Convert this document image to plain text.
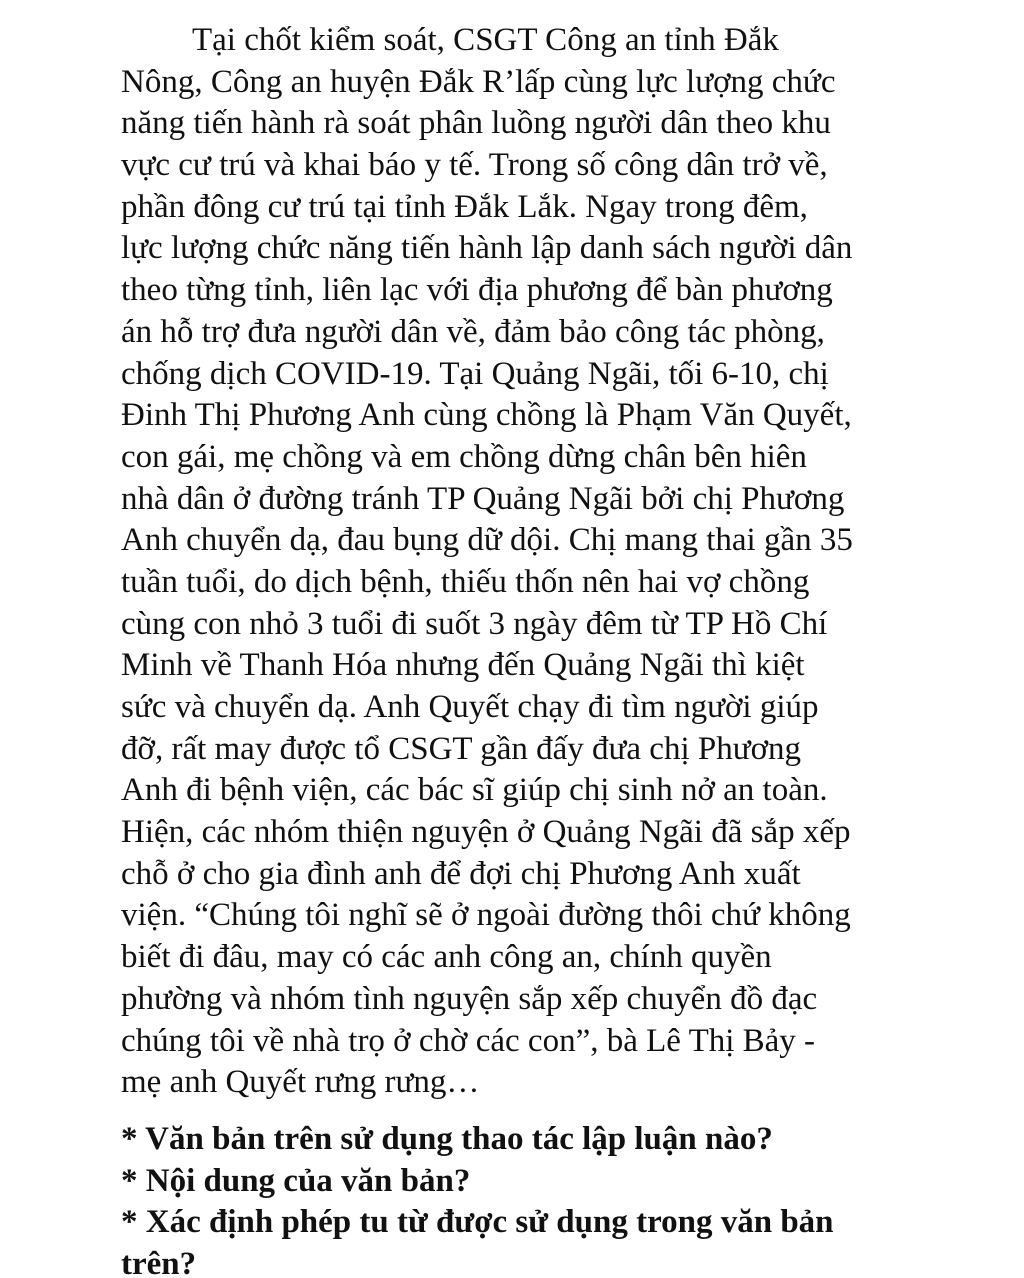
Tại chốt kiểm soát, CSGT Công an tỉnh Đắk
Nông, Công an huyện Đắk R’lấp cùng lực lượng chức
năng tiến hành rà soát phân luồng người dân theo khu
vực cư trú và khai báo y tế. Trong số công dân trở về,
phần đông cư trú tại tỉnh Đắk Lắk. Ngay trong đêm,
lực lượng chức năng tiến hành lập danh sách người dân
theo từng tỉnh, liên lạc với địa phương để bàn phương
án hỗ trợ đưa người dân về, đảm bảo công tác phòng,
chống dịch COVID-19. Tại Quảng Ngãi, tối 6-10, chị
Đinh Thị Phương Anh cùng chồng là Phạm Văn Quyết,
con gái, mẹ chồng và em chồng dừng chân bên hiên
nhà dân ở đường tránh TP Quảng Ngãi bởi chị Phương
Anh chuyển dạ, đau bụng dữ dội. Chị mang thai gần 35
tuần tuổi, do dịch bệnh, thiếu thốn nên hai vợ chồng
cùng con nhỏ 3 tuổi đi suốt 3 ngày đêm từ TP Hồ Chí
Minh về Thanh Hóa nhưng đến Quảng Ngãi thì kiệt
sức và chuyển dạ. Anh Quyết chạy đi tìm người giúp
đỡ, rất may được tổ CSGT gần đấy đưa chị Phương
Anh đi bệnh viện, các bác sĩ giúp chị sinh nở an toàn.
Hiện, các nhóm thiện nguyện ở Quảng Ngãi đã sắp xếp
chỗ ở cho gia đình anh để đợi chị Phương Anh xuất
viện. “Chúng tôi nghĩ sẽ ở ngoài đường thôi chứ không
biết đi đâu, may có các anh công an, chính quyền
phường và nhóm tình nguyện sắp xếp chuyển đồ đạc
chúng tôi về nhà trọ ở chờ các con”, bà Lê Thị Bảy -
mẹ anh Quyết rưng rưng…
* Văn bản trên sử dụng thao tác lập luận nào?
* Nội dung của văn bản?
* Xác định phép tu từ được sử dụng trong văn bản
trên?
